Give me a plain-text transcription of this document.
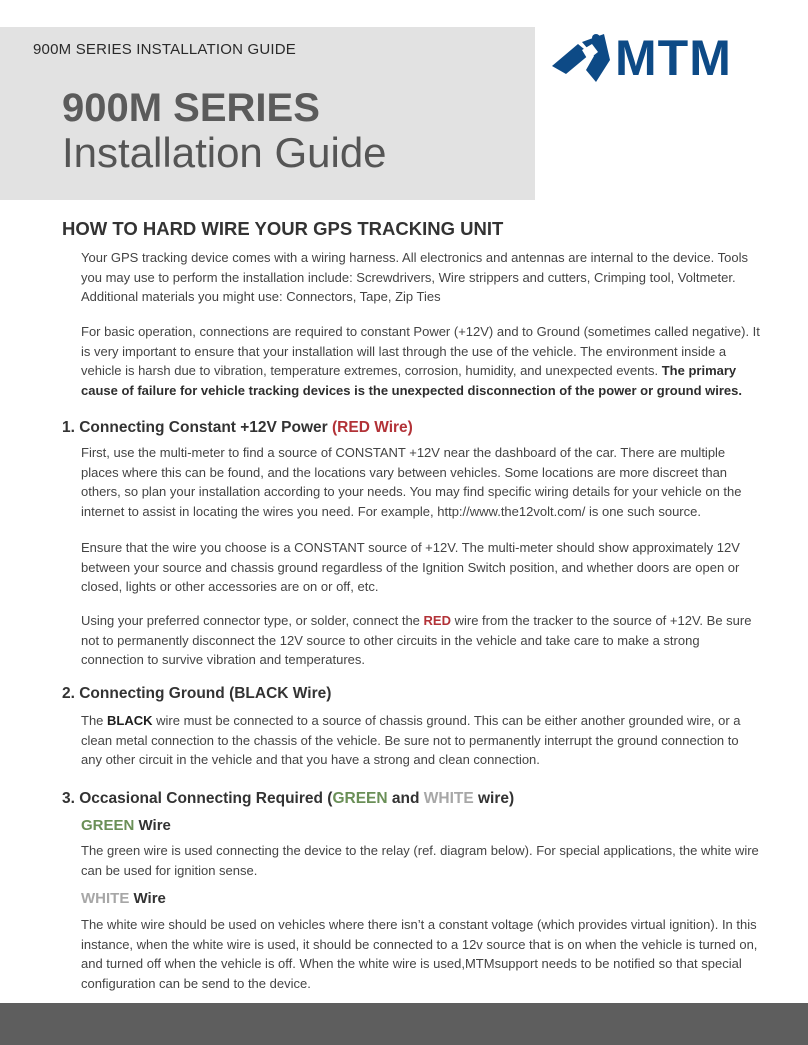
900M SERIES INSTALLATION GUIDE
900M SERIES
Installation Guide
MTM
HOW TO HARD WIRE YOUR GPS TRACKING UNIT
Your GPS tracking device comes with a wiring harness. All electronics and antennas are internal to the device. Tools you may use to perform the installation include: Screwdrivers, Wire strippers and cutters, Crimping tool, Voltmeter. Additional materials you might use: Connectors, Tape, Zip Ties
For basic operation, connections are required to constant Power (+12V) and to Ground (sometimes called negative). It is very important to ensure that your installation will last through the use of the vehicle. The environment inside a vehicle is harsh due to vibration, temperature extremes, corrosion, humidity, and unexpected events. The primary cause of failure for vehicle tracking devices is the unexpected disconnection of the power or ground wires.
1. Connecting Constant +12V Power (RED Wire)
First, use the multi-meter to find a source of CONSTANT +12V near the dashboard of the car. There are multiple places where this can be found, and the locations vary between vehicles. Some locations are more discreet than others, so plan your installation according to your needs. You may find specific wiring details for your vehicle on the internet to assist in locating the wires you need. For example, http://www.the12volt.com/ is one such source.
Ensure that the wire you choose is a CONSTANT source of +12V. The multi-meter should show approximately 12V between your source and chassis ground regardless of the Ignition Switch position, and whether doors are open or closed, lights or other accessories are on or off, etc.
Using your preferred connector type, or solder, connect the RED wire from the tracker to the source of +12V. Be sure not to permanently disconnect the 12V source to other circuits in the vehicle and take care to make a strong connection to survive vibration and temperatures.
2. Connecting Ground (BLACK Wire)
The BLACK wire must be connected to a source of chassis ground. This can be either another grounded wire, or a clean metal connection to the chassis of the vehicle. Be sure not to permanently interrupt the ground connection to any other circuit in the vehicle and that you have a strong and clean connection.
3. Occasional Connecting Required (GREEN and WHITE wire)
GREEN Wire
The green wire is used connecting the device to the relay (ref. diagram below). For special applications, the white wire can be used for ignition sense.
WHITE Wire
The white wire should be used on vehicles where there isn’t a constant voltage (which provides virtual ignition). In this instance, when the white wire is used, it should be connected to a 12v source that is on when the vehicle is turned on, and turned off when the vehicle is off. When the white wire is used,MTMsupport needs to be notified so that special configuration can be send to the device.
